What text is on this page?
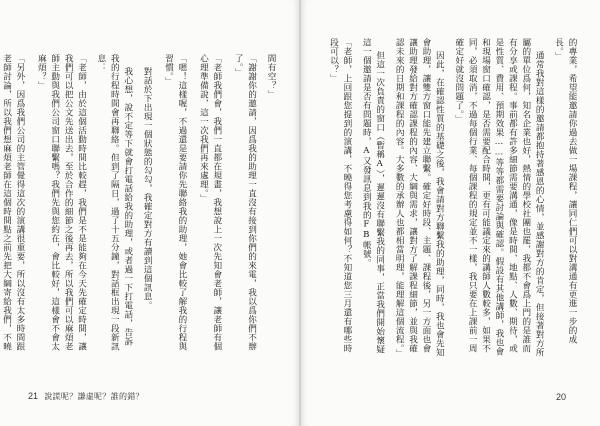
間有空？」

「謝謝你的邀請，因爲我的助理一直沒有接到你們的來電，我以爲你們不辦了。」

「老師我們會，我們一直都在規畫，我想說上一次先知會老師，讓老師有個心理準備說，這一次我們再來處理。」

「嗯！這樣喔，不過還是要請你先聯絡我的助理，她會比較了解我的行程與習慣。」

對話於下出現一個狀態的勾勾，我確定對方有讀到這個訊息。

我心想，說不定等下就會打電話給我的助理，或者過一下打電話，告訴我的行程時間會再聯絡。但到了隔日，過了十五分鐘，對話框出現一段新訊息：

「老師，由於這個活動時間比較趕，我們是不是能夠在今天先確定時間，讓我們可以把公文先送出去，至於合作的細節之後再去，所以我們可以麻煩老師主動與我們公司窗口聯繫嗎？我們先與您約在，會比較好，這樣會不會太麻煩？」

「另外，因爲我們公司的主管覺得這次的演講很重要，所以沒有太多時間跟老師討論，所以我們想麻煩老師在這個時間點之前先把大綱寄給我們，不曉

21 說謊呢？謙虛呢？誰的錯？

的專業，希望能邀請你過去做一場課程，讓同仁們可以對溝通有更進一步的成長。」

通常我對這樣的邀請都抱持著感恩的心情，並感謝對方的肯定，但接著對方所屬的單位爲何，知名企業也好，熱情的學校社團也罷，我都不會爲上門的是誰而有分享或課程。事前都有許多細節需要溝通，像是時間、地點、人數、期待，或是性質、費用、預期效果……等等都需要討論與確認。假設有其他講師，我也會和現場窗口確認，是否需要配合時間，更有可能議定來的講師人數較多，如果不同，必須取消，不過每個行業、每個課程的規定並不一樣，我只要在上課前一周確定好就沒問題了。」

因此，在確認性質的基礎之後，我會請對方聯繫我的助理，同時，我也會先知會助理，讓雙方窗口能先建立聯繫。確定好時段、主題、課程後，另一方面也會讓助理發給對方確認課程的內容、大綱與需求，讓對方了解課程細節，並與我確認未來的日期和課程的內容。大多數的承辦人也都相當明理，能理解這個流程。」

但這一次負責的窗口（暫稱A），遲遲沒有聯繫我的同事，正當我們開始懷疑這一個邀請是否有問題時，A又發訊息到我的FB帳號。

「老師，上回跟您提到的演講，不曉得您考慮得如何？不知道您三月還有哪些時段可以？」

20
